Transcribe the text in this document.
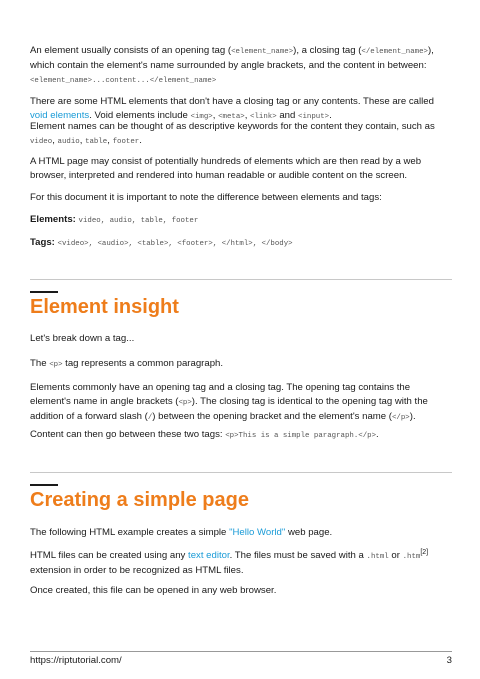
An element usually consists of an opening tag (<element_name>), a closing tag (</element_name>), which contain the element's name surrounded by angle brackets, and the content in between: <element_name>...content...</element_name>

There are some HTML elements that don't have a closing tag or any contents. These are called void elements. Void elements include <img>, <meta>, <link> and <input>.

Element names can be thought of as descriptive keywords for the content they contain, such as video, audio, table, footer.

A HTML page may consist of potentially hundreds of elements which are then read by a web browser, interpreted and rendered into human readable or audible content on the screen.

For this document it is important to note the difference between elements and tags:

Elements: video, audio, table, footer

Tags: <video>, <audio>, <table>, <footer>, </html>, </body>

Element insight

Let's break down a tag...

The <p> tag represents a common paragraph.

Elements commonly have an opening tag and a closing tag. The opening tag contains the element's name in angle brackets (<p>). The closing tag is identical to the opening tag with the addition of a forward slash (/) between the opening bracket and the element's name (</p>).

Content can then go between these two tags: <p>This is a simple paragraph.</p>.

Creating a simple page

The following HTML example creates a simple "Hello World" web page.

HTML files can be created using any text editor. The files must be saved with a .html or .htm[2] extension in order to be recognized as HTML files.

Once created, this file can be opened in any web browser.

https://riptutorial.com/	3
